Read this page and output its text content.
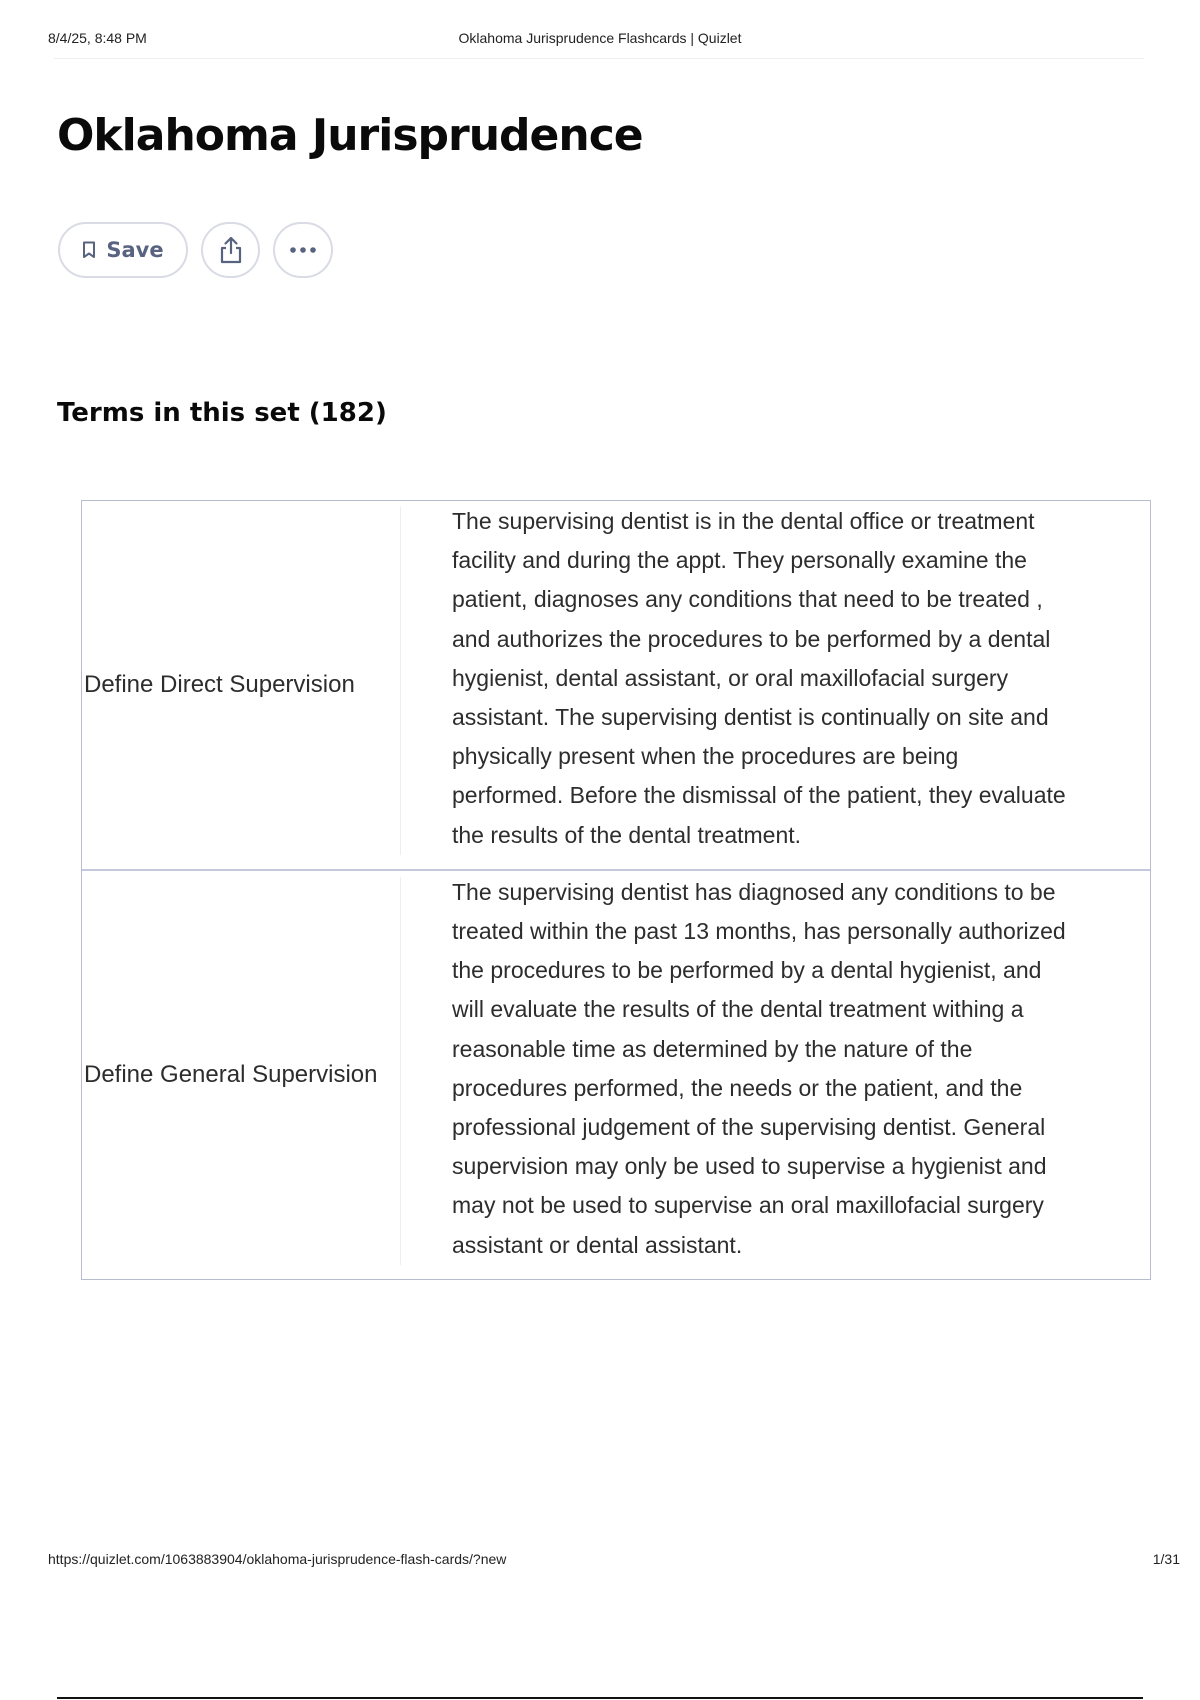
8/4/25, 8:48 PM	Oklahoma Jurisprudence Flashcards | Quizlet
Oklahoma Jurisprudence
Save
Terms in this set (182)
Define Direct Supervision
The supervising dentist is in the dental office or treatment facility and during the appt. They personally examine the patient, diagnoses any conditions that need to be treated , and authorizes the procedures to be performed by a dental hygienist, dental assistant, or oral maxillofacial surgery assistant. The supervising dentist is continually on site and physically present when the procedures are being performed. Before the dismissal of the patient, they evaluate the results of the dental treatment.
Define General Supervision
The supervising dentist has diagnosed any conditions to be treated within the past 13 months, has personally authorized the procedures to be performed by a dental hygienist, and will evaluate the results of the dental treatment withing a reasonable time as determined by the nature of the procedures performed, the needs or the patient, and the professional judgement of the supervising dentist. General supervision may only be used to supervise a hygienist and may not be used to supervise an oral maxillofacial surgery assistant or dental assistant.
https://quizlet.com/1063883904/oklahoma-jurisprudence-flash-cards/?new	1/31
